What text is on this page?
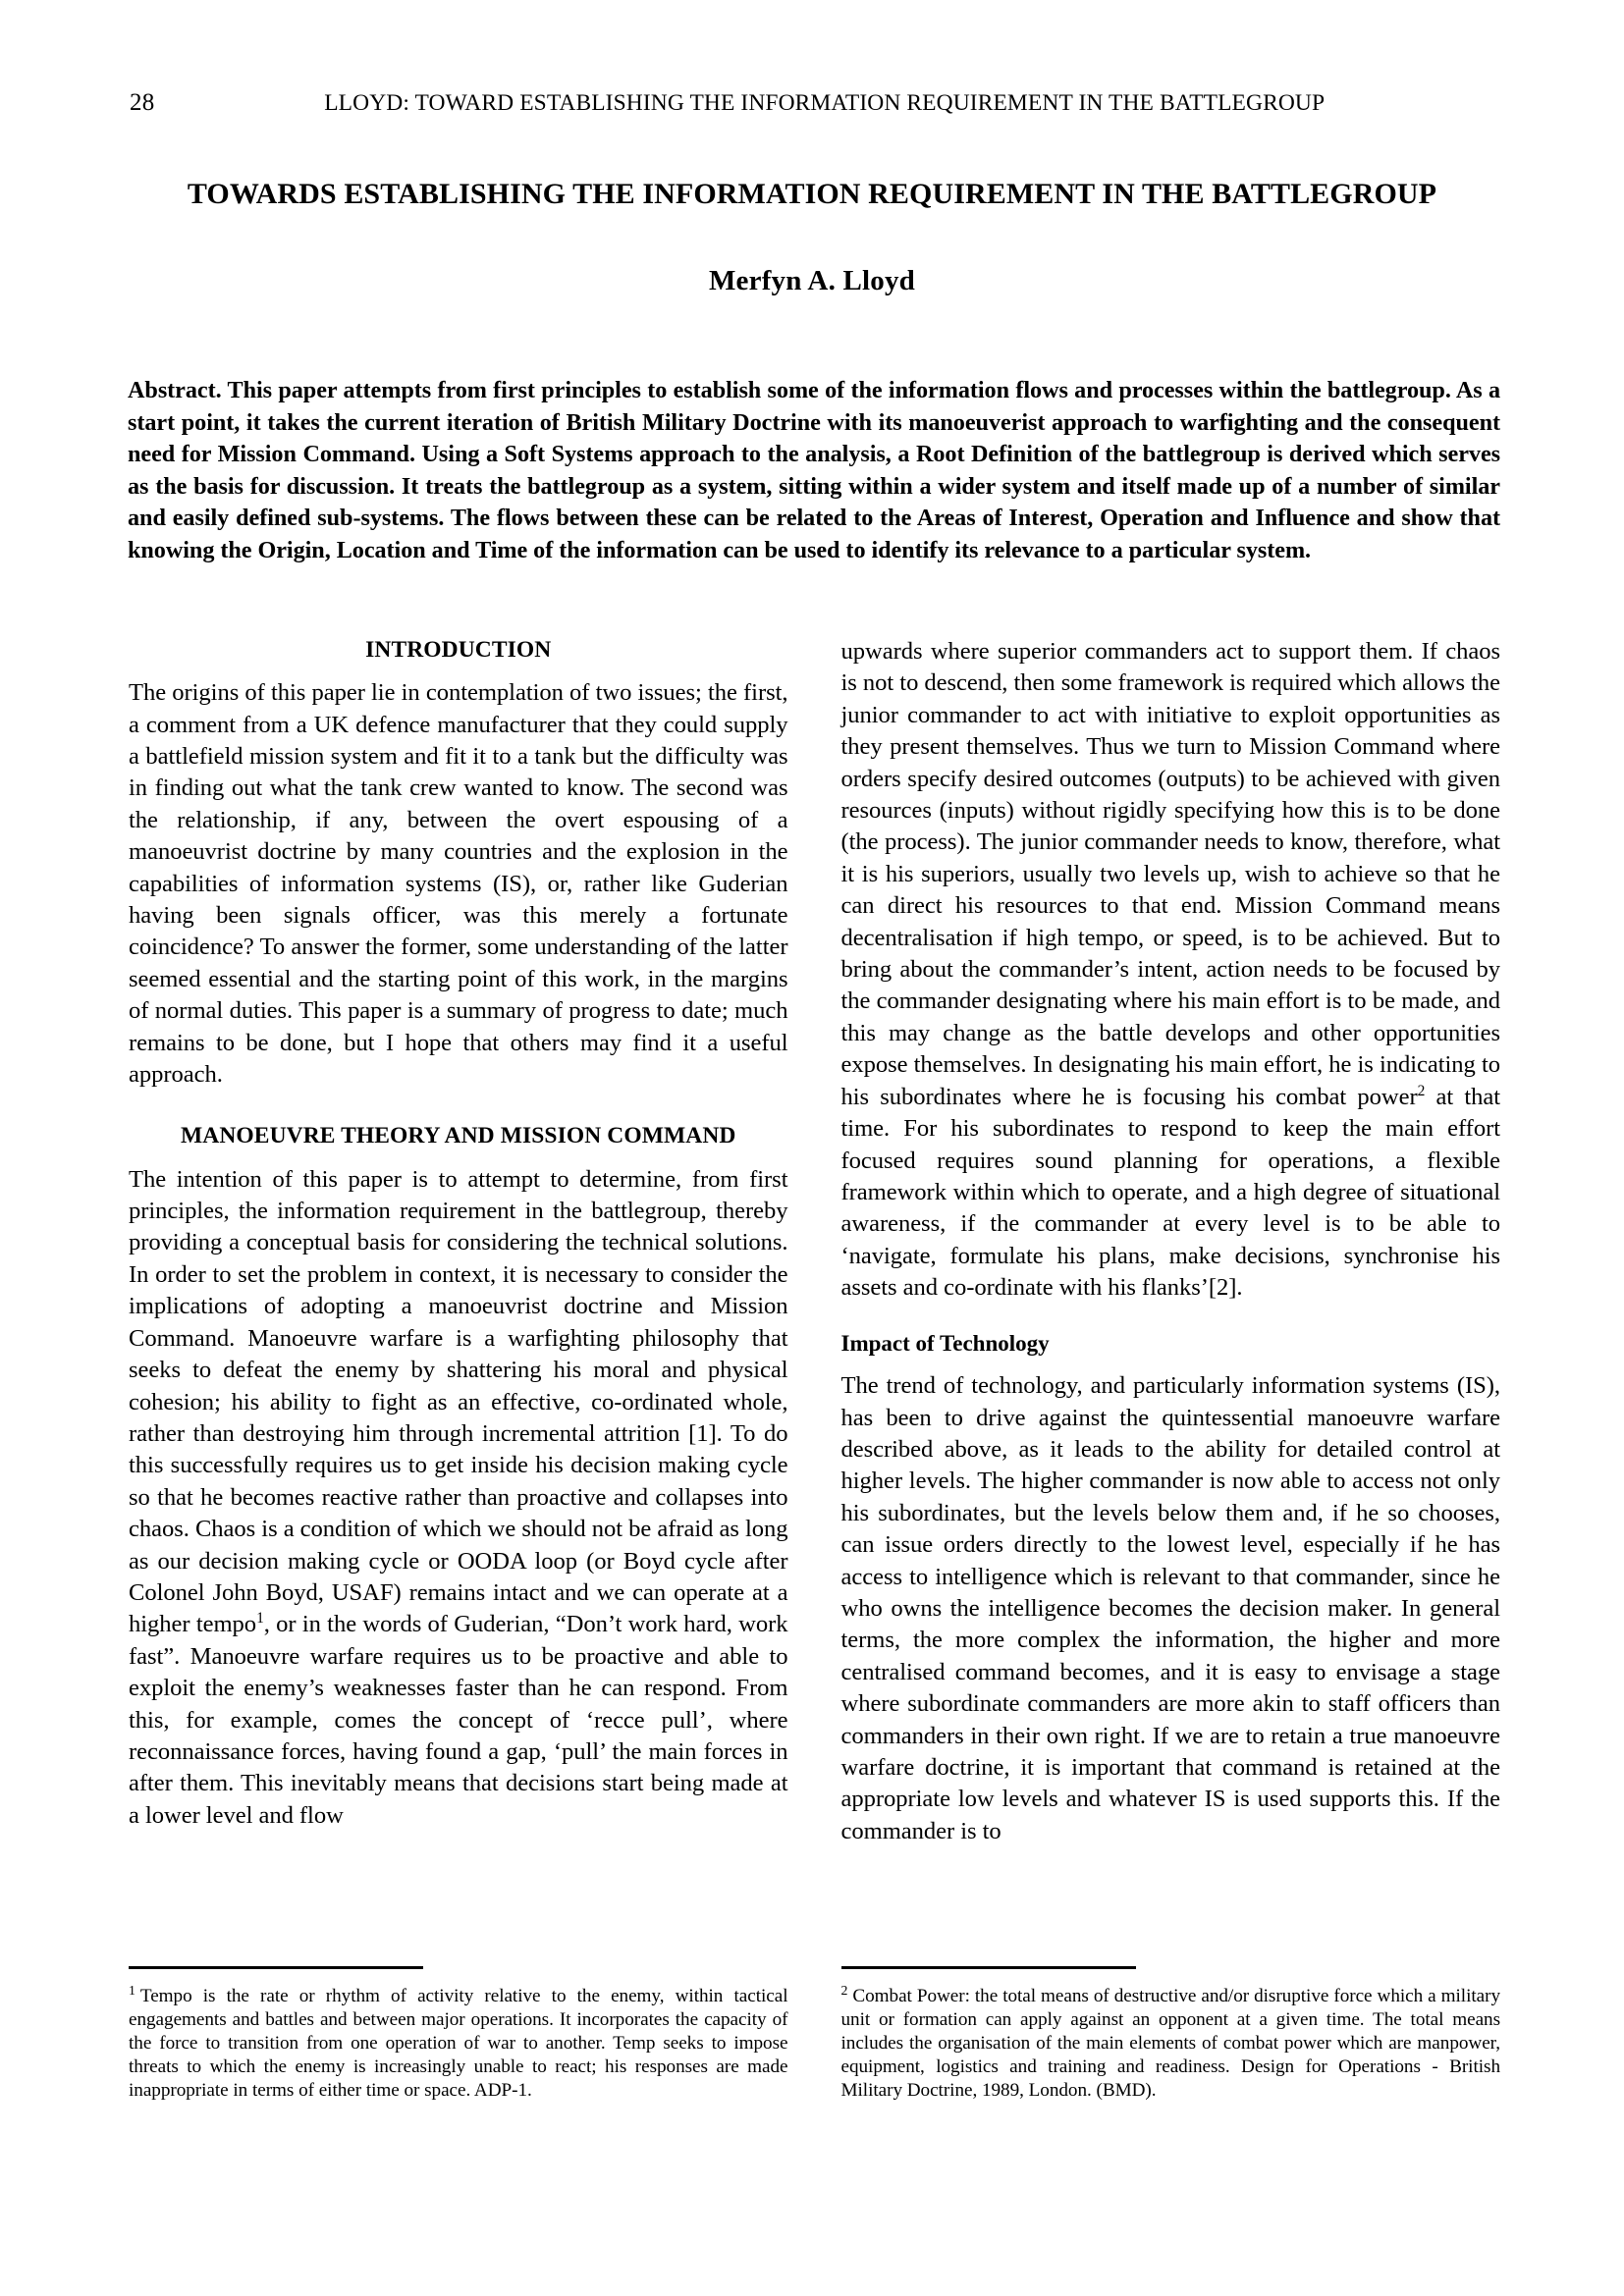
28	LLOYD: TOWARD ESTABLISHING THE INFORMATION REQUIREMENT IN THE BATTLEGROUP
TOWARDS ESTABLISHING THE INFORMATION REQUIREMENT IN THE BATTLEGROUP
Merfyn A. Lloyd
Abstract. This paper attempts from first principles to establish some of the information flows and processes within the battlegroup. As a start point, it takes the current iteration of British Military Doctrine with its manoeuverist approach to warfighting and the consequent need for Mission Command. Using a Soft Systems approach to the analysis, a Root Definition of the battlegroup is derived which serves as the basis for discussion. It treats the battlegroup as a system, sitting within a wider system and itself made up of a number of similar and easily defined sub-systems. The flows between these can be related to the Areas of Interest, Operation and Influence and show that knowing the Origin, Location and Time of the information can be used to identify its relevance to a particular system.
INTRODUCTION

The origins of this paper lie in contemplation of two issues; the first, a comment from a UK defence manufacturer that they could supply a battlefield mission system and fit it to a tank but the difficulty was in finding out what the tank crew wanted to know. The second was the relationship, if any, between the overt espousing of a manoeuvrist doctrine by many countries and the explosion in the capabilities of information systems (IS), or, rather like Guderian having been signals officer, was this merely a fortunate coincidence? To answer the former, some understanding of the latter seemed essential and the starting point of this work, in the margins of normal duties. This paper is a summary of progress to date; much remains to be done, but I hope that others may find it a useful approach.

MANOEUVRE THEORY AND MISSION COMMAND

The intention of this paper is to attempt to determine, from first principles, the information requirement in the battlegroup, thereby providing a conceptual basis for considering the technical solutions. In order to set the problem in context, it is necessary to consider the implications of adopting a manoeuvrist doctrine and Mission Command. Manoeuvre warfare is a warfighting philosophy that seeks to defeat the enemy by shattering his moral and physical cohesion; his ability to fight as an effective, co-ordinated whole, rather than destroying him through incremental attrition [1]. To do this successfully requires us to get inside his decision making cycle so that he becomes reactive rather than proactive and collapses into chaos. Chaos is a condition of which we should not be afraid as long as our decision making cycle or OODA loop (or Boyd cycle after Colonel John Boyd, USAF) remains intact and we can operate at a higher tempo$^1$, or in the words of Guderian, “Don’t work hard, work fast”. Manoeuvre warfare requires us to be proactive and able to exploit the enemy’s weaknesses faster than he can respond. From this, for example, comes the concept of ‘recce pull’, where reconnaissance forces, having found a gap, ‘pull’ the main forces in after them. This inevitably means that decisions start being made at a lower level and flow

upwards where superior commanders act to support them. If chaos is not to descend, then some framework is required which allows the junior commander to act with initiative to exploit opportunities as they present themselves. Thus we turn to Mission Command where orders specify desired outcomes (outputs) to be achieved with given resources (inputs) without rigidly specifying how this is to be done (the process). The junior commander needs to know, therefore, what it is his superiors, usually two levels up, wish to achieve so that he can direct his resources to that end. Mission Command means decentralisation if high tempo, or speed, is to be achieved. But to bring about the commander’s intent, action needs to be focused by the commander designating where his main effort is to be made, and this may change as the battle develops and other opportunities expose themselves. In designating his main effort, he is indicating to his subordinates where he is focusing his combat power$^2$ at that time. For his subordinates to respond to keep the main effort focused requires sound planning for operations, a flexible framework within which to operate, and a high degree of situational awareness, if the commander at every level is to be able to ‘navigate, formulate his plans, make decisions, synchronise his assets and co-ordinate with his flanks’[2].

Impact of Technology

The trend of technology, and particularly information systems (IS), has been to drive against the quintessential manoeuvre warfare described above, as it leads to the ability for detailed control at higher levels. The higher commander is now able to access not only his subordinates, but the levels below them and, if he so chooses, can issue orders directly to the lowest level, especially if he has access to intelligence which is relevant to that commander, since he who owns the intelligence becomes the decision maker. In general terms, the more complex the information, the higher and more centralised command becomes, and it is easy to envisage a stage where subordinate commanders are more akin to staff officers than commanders in their own right. If we are to retain a true manoeuvre warfare doctrine, it is important that command is retained at the appropriate low levels and whatever IS is used supports this. If the commander is to

$^1$ Tempo is the rate or rhythm of activity relative to the enemy, within tactical engagements and battles and between major operations. It incorporates the capacity of the force to transition from one operation of war to another. Temp seeks to impose threats to which the enemy is increasingly unable to react; his responses are made inappropriate in terms of either time or space. ADP-1.

$^2$ Combat Power: the total means of destructive and/or disruptive force which a military unit or formation can apply against an opponent at a given time. The total means includes the organisation of the main elements of combat power which are manpower, equipment, logistics and training and readiness. Design for Operations - British Military Doctrine, 1989, London. (BMD).
